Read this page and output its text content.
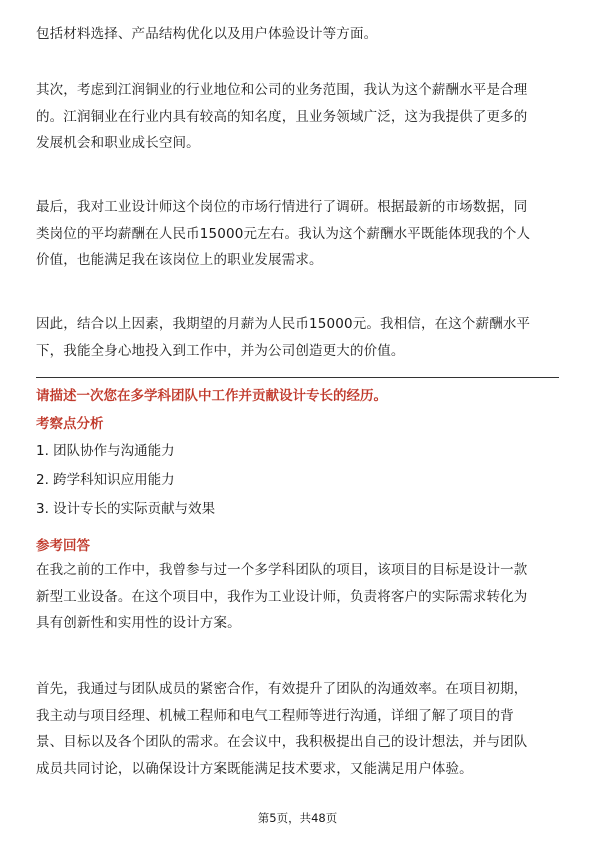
包括材料选择、产品结构优化以及用户体验设计等方面。

其次，考虑到江润铜业的行业地位和公司的业务范围，我认为这个薪酬水平是合理
的。江润铜业在行业内具有较高的知名度，且业务领域广泛，这为我提供了更多的
发展机会和职业成长空间。

最后，我对工业设计师这个岗位的市场行情进行了调研。根据最新的市场数据，同
类岗位的平均薪酬在人民币15000元左右。我认为这个薪酬水平既能体现我的个人
价值，也能满足我在该岗位上的职业发展需求。

因此，结合以上因素，我期望的月薪为人民币15000元。我相信，在这个薪酬水平
下，我能全身心地投入到工作中，并为公司创造更大的价值。

请描述一次您在多学科团队中工作并贡献设计专长的经历。

考察点分析

1. 团队协作与沟通能力

2. 跨学科知识应用能力

3. 设计专长的实际贡献与效果

参考回答

在我之前的工作中，我曾参与过一个多学科团队的项目，该项目的目标是设计一款
新型工业设备。在这个项目中，我作为工业设计师，负责将客户的实际需求转化为
具有创新性和实用性的设计方案。

首先，我通过与团队成员的紧密合作，有效提升了团队的沟通效率。在项目初期，
我主动与项目经理、机械工程师和电气工程师等进行沟通，详细了解了项目的背
景、目标以及各个团队的需求。在会议中，我积极提出自己的设计想法，并与团队
成员共同讨论，以确保设计方案既能满足技术要求，又能满足用户体验。

第5页，共48页
